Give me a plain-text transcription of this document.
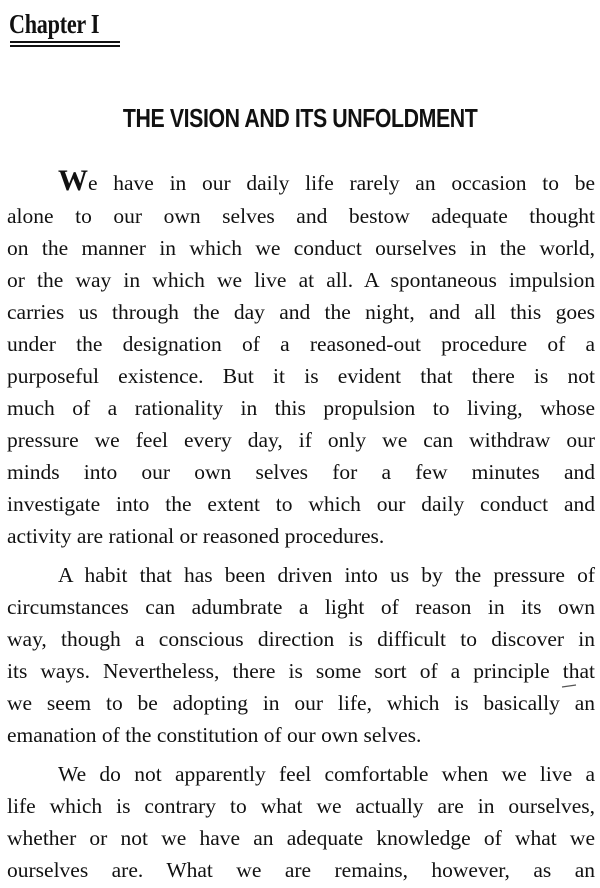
Chapter I
THE VISION AND ITS UNFOLDMENT

We have in our daily life rarely an occasion to be

alone to our own selves and bestow adequate thought

on the manner in which we conduct ourselves in the world,

or the way in which we live at all. A spontaneous impulsion

carries us through the day and the night, and all this goes

under the designation of a reasoned-out procedure of a

purposeful existence. But it is evident that there is not

much of a rationality in this propulsion to living, whose

pressure we feel every day, if only we can withdraw our

minds into our own selves for a few minutes and

investigate into the extent to which our daily conduct and

activity are rational or reasoned procedures.

A habit that has been driven into us by the pressure of

circumstances can adumbrate a light of reason in its own

way, though a conscious direction is difficult to discover in

its ways. Nevertheless, there is some sort of a principle that

we seem to be adopting in our life, which is basically an

emanation of the constitution of our own selves.

We do not apparently feel comfortable when we live a

life which is contrary to what we actually are in ourselves,

whether or not we have an adequate knowledge of what we

ourselves are. What we are remains, however, as an
